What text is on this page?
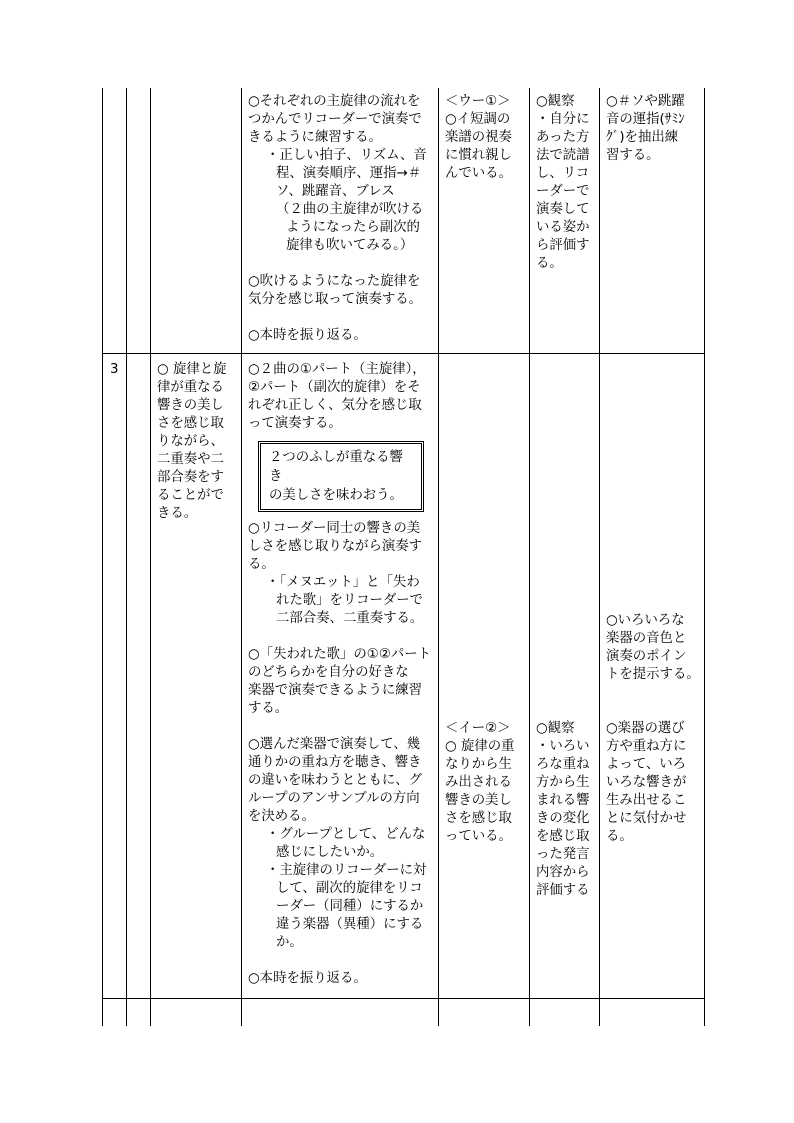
○それぞれの主旋律の流れを
つかんでリコーダーで演奏で
きるように練習する。
・正しい拍子、リズム、音
程、演奏順序、運指→＃
ソ、跳躍音、ブレス
（２曲の主旋律が吹ける
ようになったら副次的
旋律も吹いてみる。）
○吹けるようになった旋律を
気分を感じ取って演奏する。
○本時を振り返る。
＜ウー①＞
○イ短調の
楽譜の視奏
に慣れ親し
んでいる。
○観察
・自分に
あった方
法で読譜
し、リコ
ーダーで
演奏して
いる姿か
ら評価す
る。
○＃ソや跳躍
音の運指(ｻﾐﾝ
ｸﾞ)を抽出練
習する。
3	○ 旋律と旋
律が重なる
響きの美し
さを感じ取
りながら、
二重奏や二
部合奏をす
ることがで
きる。
○２曲の①パート（主旋律），
②パート（副次的旋律）をそ
れぞれ正しく、気分を感じ取
って演奏する。
２つのふしが重なる響き
の美しさを味わおう。
○リコーダー同士の響きの美
しさを感じ取りながら演奏す
る。
・「メヌエット」と「失わ
れた歌」をリコーダーで
二部合奏、二重奏する。
○「失われた歌」の①②パート
のどちらかを自分の好きな
楽器で演奏できるように練習
する。
○選んだ楽器で演奏して、幾
通りかの重ね方を聴き、響き
の違いを味わうとともに、グ
ループのアンサンブルの方向
を決める。
・グループとして、どんな
感じにしたいか。
・主旋律のリコーダーに対
して、副次的旋律をリコ
ーダー（同種）にするか
違う楽器（異種）にする
か。
○本時を振り返る。
＜イー②＞
○ 旋律の重
なりから生
み出される
響きの美し
さを感じ取
っている。
○観察
・いろい
ろな重ね
方から生
まれる響
きの変化
を感じ取
った発言
内容から
評価する
○いろいろな
楽器の音色と
演奏のポイン
トを提示する。
○楽器の選び
方や重ね方に
よって、いろ
いろな響きが
生み出せるこ
とに気付かせ
る。
